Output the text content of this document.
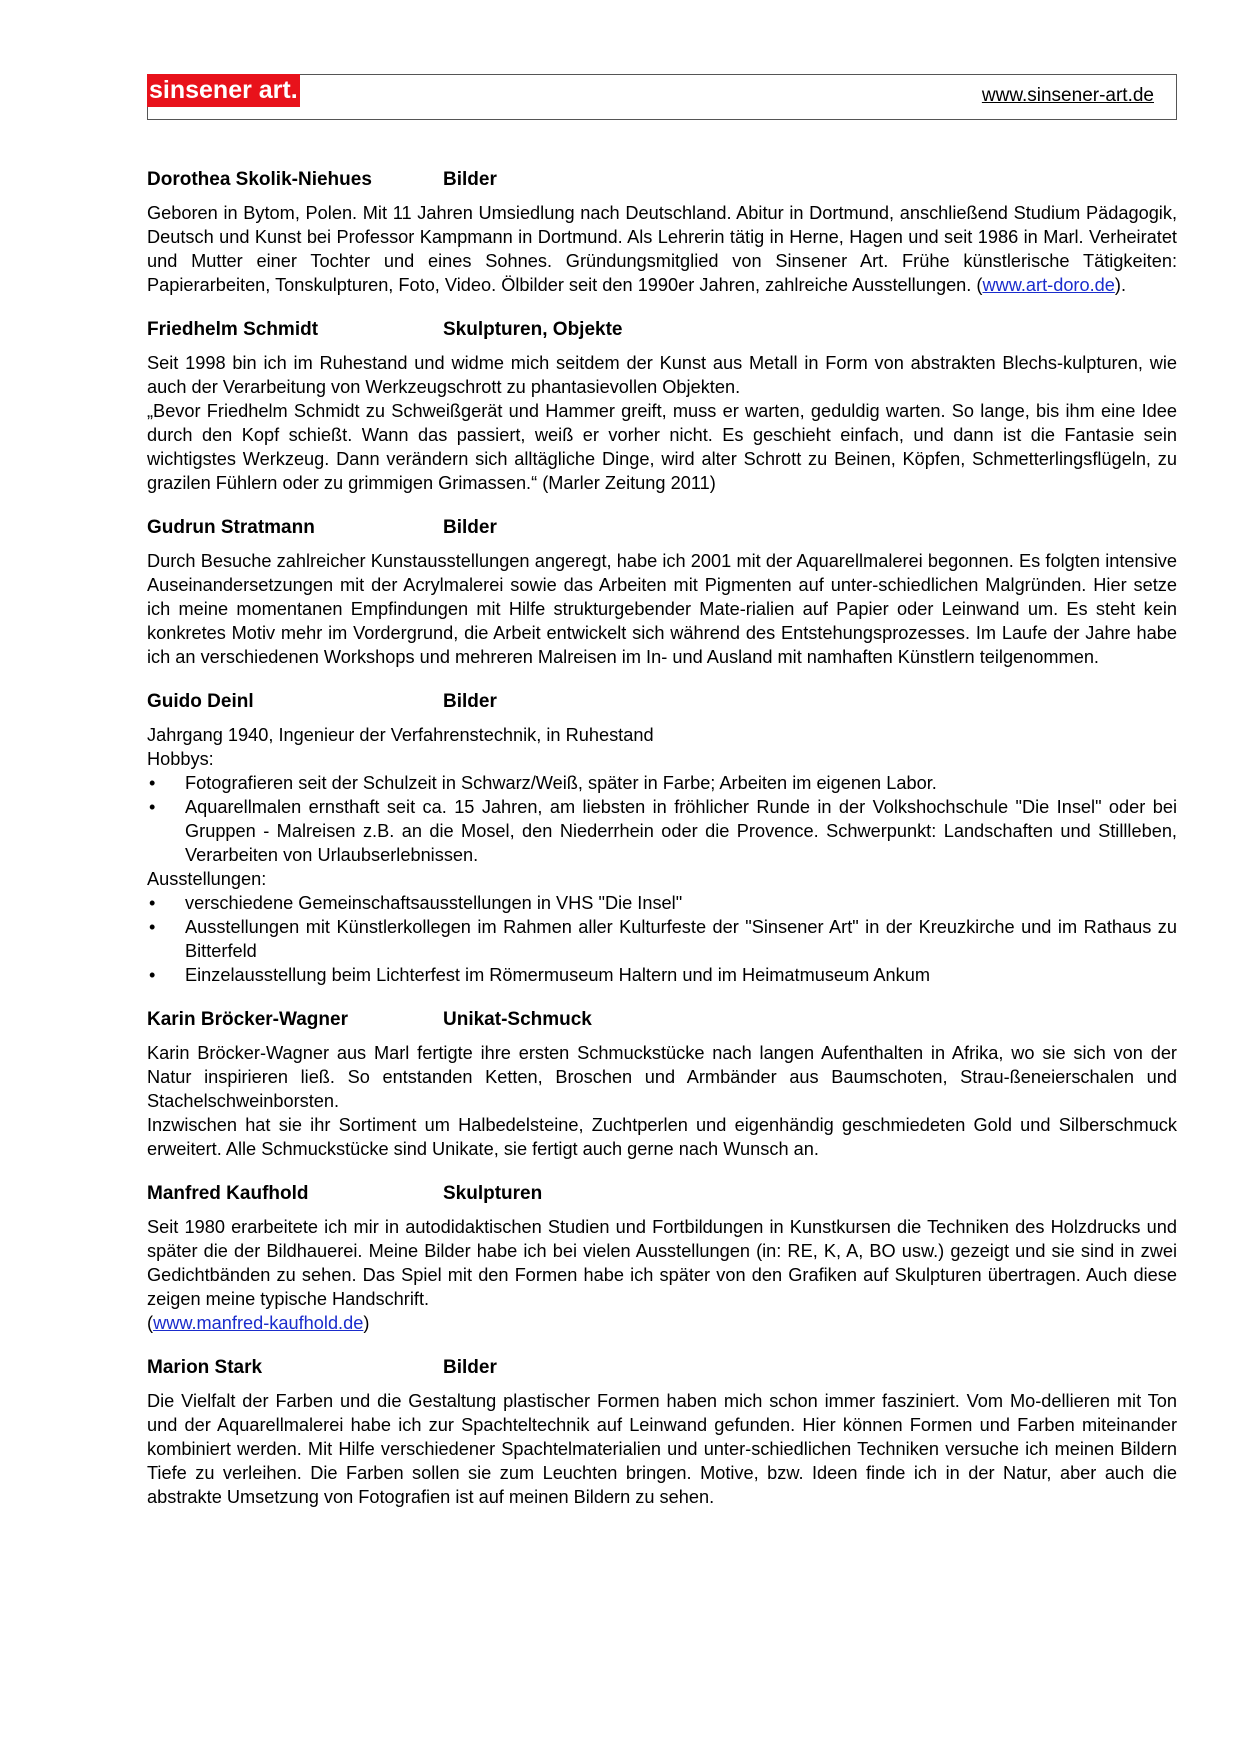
sinsener art.	www.sinsener-art.de
Dorothea Skolik-Niehues	Bilder

Geboren in Bytom, Polen. Mit 11 Jahren Umsiedlung nach Deutschland. Abitur in Dortmund, anschließend Studium Pädagogik, Deutsch und Kunst bei Professor Kampmann in Dortmund. Als Lehrerin tätig in Herne, Hagen und seit 1986 in Marl. Verheiratet und Mutter einer Tochter und eines Sohnes. Gründungsmitglied von Sinsener Art. Frühe künstlerische Tätigkeiten: Papierarbeiten, Tonskulpturen, Foto, Video. Ölbilder seit den 1990er Jahren, zahlreiche Ausstellungen. (www.art-doro.de).

Friedhelm Schmidt	Skulpturen, Objekte

Seit 1998 bin ich im Ruhestand und widme mich seitdem der Kunst aus Metall in Form von abstrakten Blechs-kulpturen, wie auch der Verarbeitung von Werkzeugschrott zu phantasievollen Objekten.

„Bevor Friedhelm Schmidt zu Schweißgerät und Hammer greift, muss er warten, geduldig warten. So lange, bis ihm eine Idee durch den Kopf schießt. Wann das passiert, weiß er vorher nicht. Es geschieht einfach, und dann ist die Fantasie sein wichtigstes Werkzeug. Dann verändern sich alltägliche Dinge, wird alter Schrott zu Beinen, Köpfen, Schmetterlingsflügeln, zu grazilen Fühlern oder zu grimmigen Grimassen.“ (Marler Zeitung 2011)

Gudrun Stratmann	Bilder

Durch Besuche zahlreicher Kunstausstellungen angeregt, habe ich 2001 mit der Aquarellmalerei begonnen. Es folgten intensive Auseinandersetzungen mit der Acrylmalerei sowie das Arbeiten mit Pigmenten auf unter-schiedlichen Malgründen. Hier setze ich meine momentanen Empfindungen mit Hilfe strukturgebender Mate-rialien auf Papier oder Leinwand um. Es steht kein konkretes Motiv mehr im Vordergrund, die Arbeit entwickelt sich während des Entstehungsprozesses. Im Laufe der Jahre habe ich an verschiedenen Workshops und mehreren Malreisen im In- und Ausland mit namhaften Künstlern teilgenommen.

Guido Deinl	Bilder

Jahrgang 1940, Ingenieur der Verfahrenstechnik, in Ruhestand

Hobbys:

• Fotografieren seit der Schulzeit in Schwarz/Weiß, später in Farbe; Arbeiten im eigenen Labor.
• Aquarellmalen ernsthaft seit ca. 15 Jahren, am liebsten in fröhlicher Runde in der Volkshochschule "Die Insel" oder bei Gruppen - Malreisen z.B. an die Mosel, den Niederrhein oder die Provence. Schwerpunkt: Landschaften und Stillleben, Verarbeiten von Urlaubserlebnissen.

Ausstellungen:

• verschiedene Gemeinschaftsausstellungen in VHS "Die Insel"
• Ausstellungen mit Künstlerkollegen im Rahmen aller Kulturfeste der "Sinsener Art" in der Kreuzkirche und im Rathaus zu Bitterfeld
• Einzelausstellung beim Lichterfest im Römermuseum Haltern und im Heimatmuseum Ankum
Karin Bröcker-Wagner	Unikat-Schmuck

Karin Bröcker-Wagner aus Marl fertigte ihre ersten Schmuckstücke nach langen Aufenthalten in Afrika, wo sie sich von der Natur inspirieren ließ. So entstanden Ketten, Broschen und Armbänder aus Baumschoten, Strau-ßeneierschalen und Stachelschweinborsten.

Inzwischen hat sie ihr Sortiment um Halbedelsteine, Zuchtperlen und eigenhändig geschmiedeten Gold und Silberschmuck erweitert. Alle Schmuckstücke sind Unikate, sie fertigt auch gerne nach Wunsch an.

Manfred Kaufhold	Skulpturen

Seit 1980 erarbeitete ich mir in autodidaktischen Studien und Fortbildungen in Kunstkursen die Techniken des Holzdrucks und später die der Bildhauerei. Meine Bilder habe ich bei vielen Ausstellungen (in: RE, K, A, BO usw.) gezeigt und sie sind in zwei Gedichtbänden zu sehen. Das Spiel mit den Formen habe ich später von den Grafiken auf Skulpturen übertragen. Auch diese zeigen meine typische Handschrift.

(www.manfred-kaufhold.de)

Marion Stark	Bilder

Die Vielfalt der Farben und die Gestaltung plastischer Formen haben mich schon immer fasziniert. Vom Mo-dellieren mit Ton und der Aquarellmalerei habe ich zur Spachteltechnik auf Leinwand gefunden. Hier können Formen und Farben miteinander kombiniert werden. Mit Hilfe verschiedener Spachtelmaterialien und unter-schiedlichen Techniken versuche ich meinen Bildern Tiefe zu verleihen. Die Farben sollen sie zum Leuchten bringen. Motive, bzw. Ideen finde ich in der Natur, aber auch die abstrakte Umsetzung von Fotografien ist auf meinen Bildern zu sehen.
